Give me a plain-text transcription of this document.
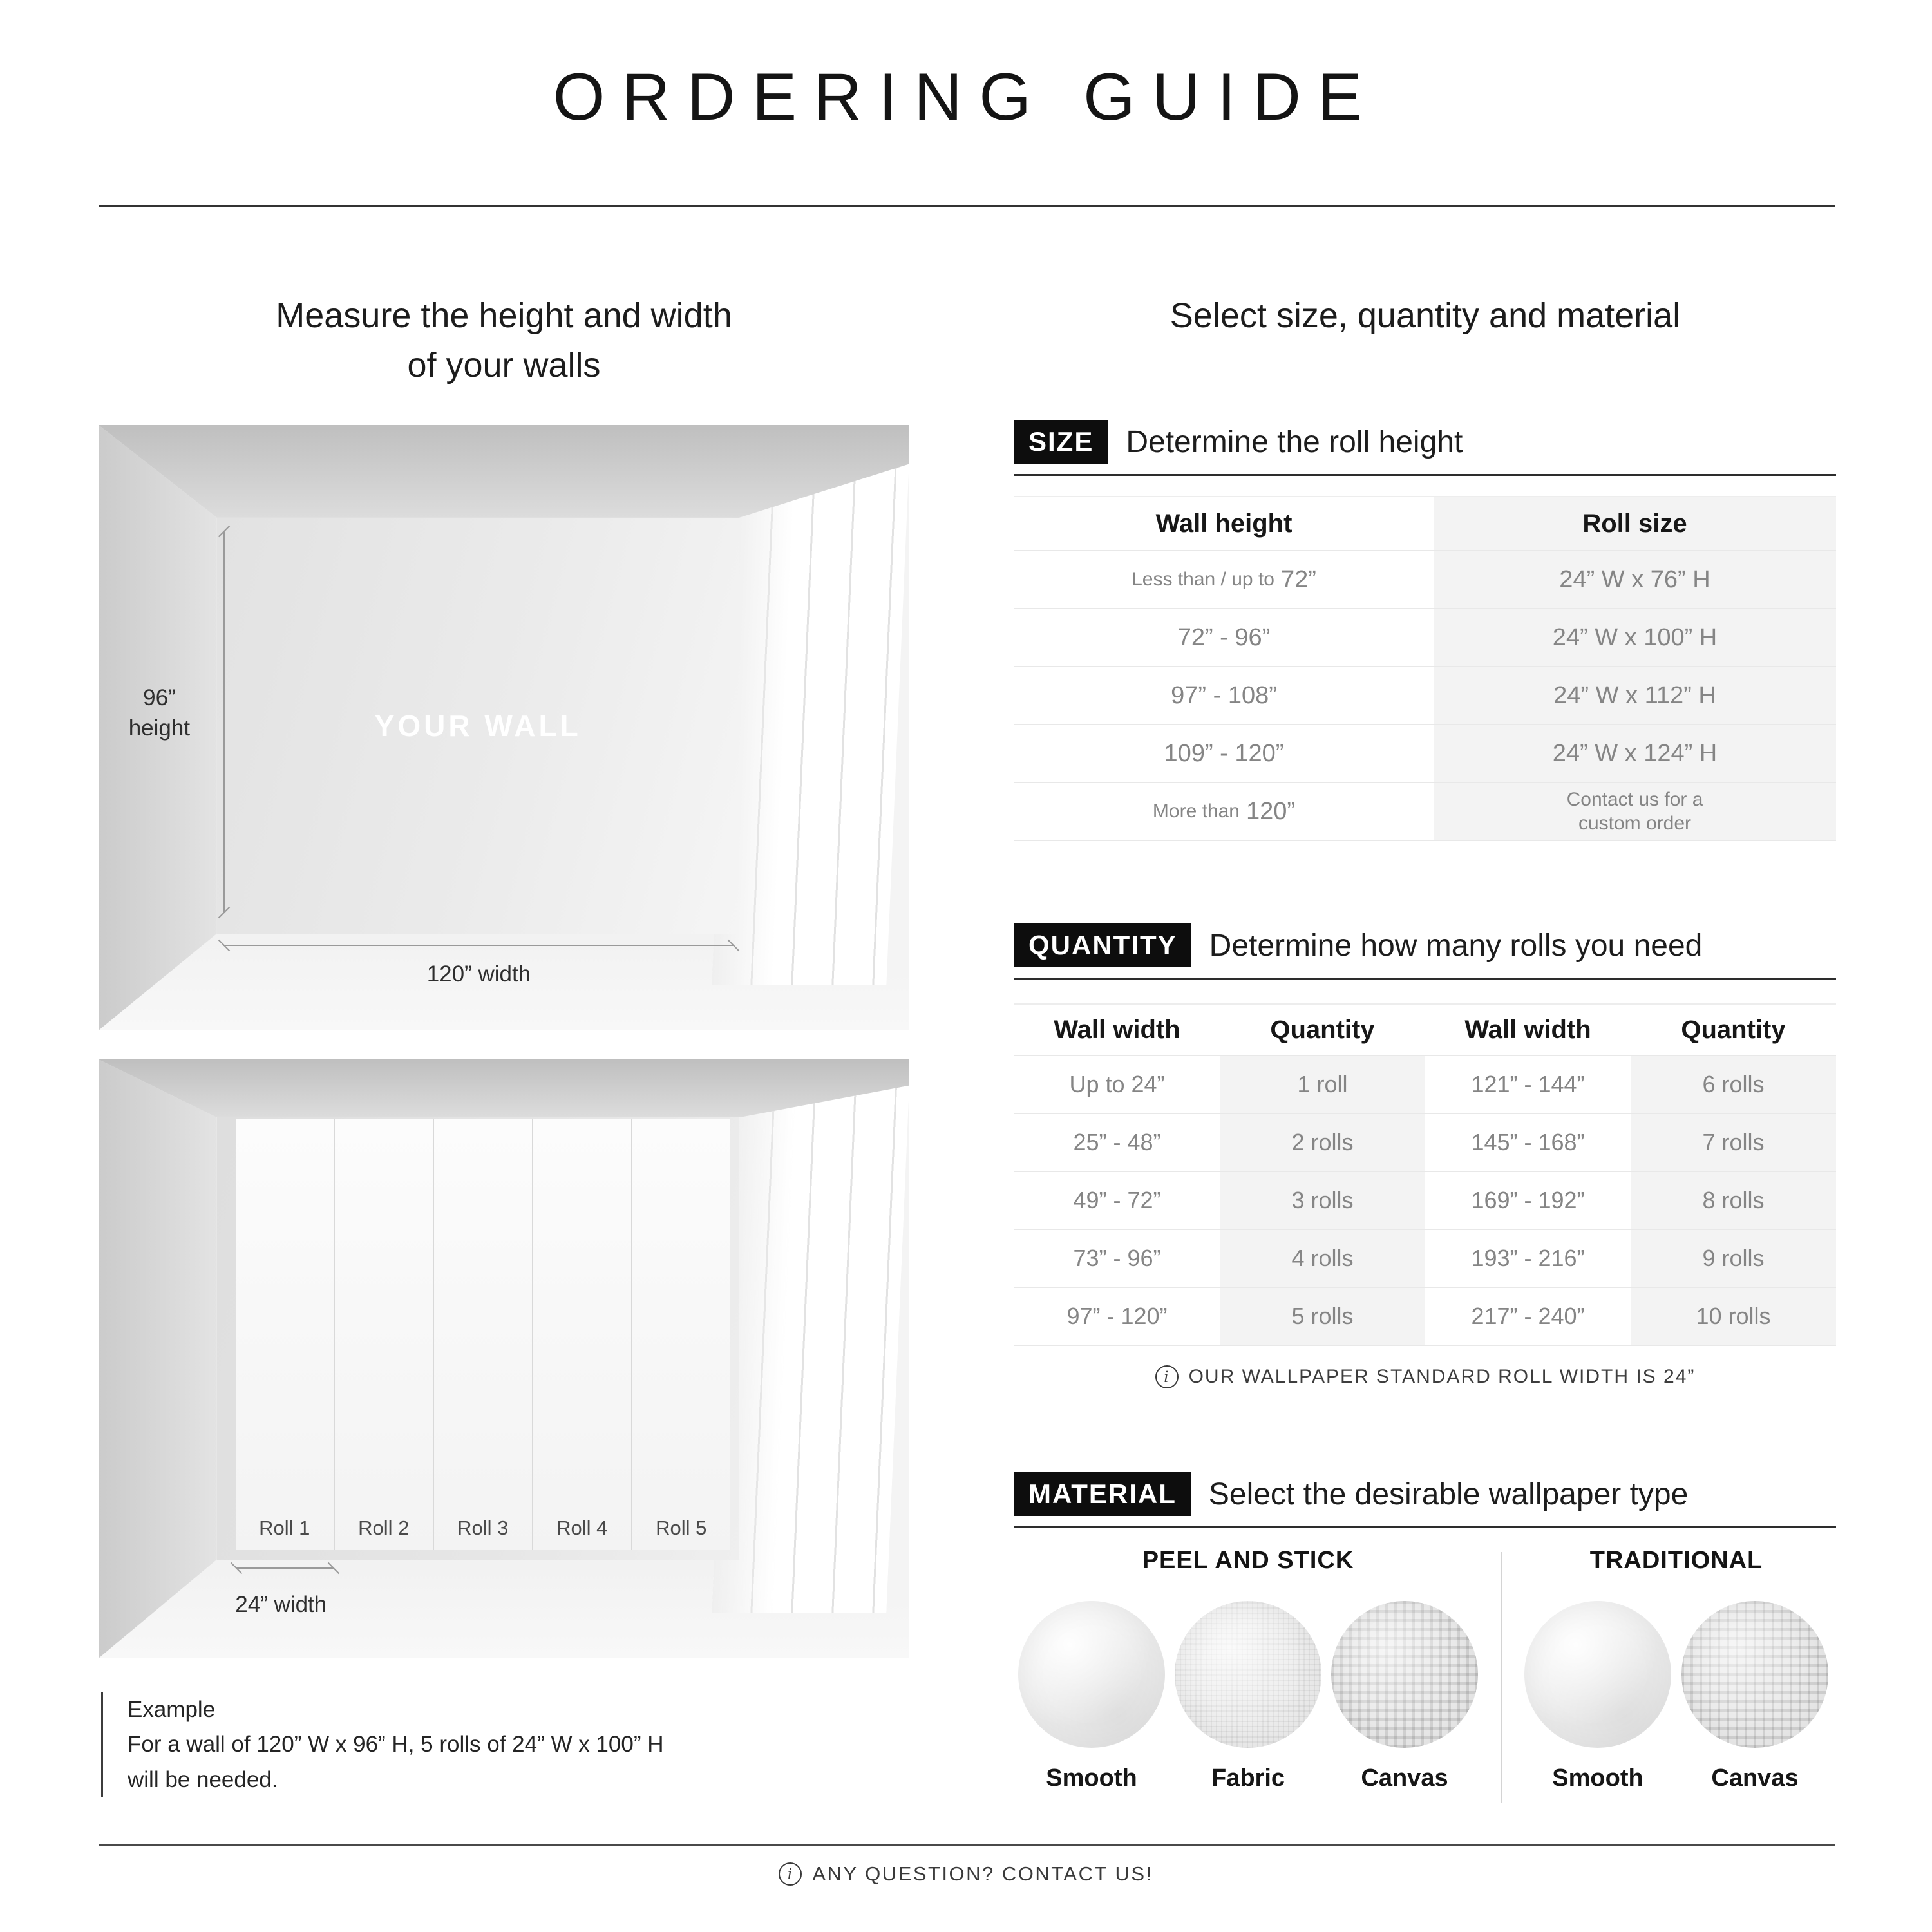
ORDERING GUIDE
Measure the height and width
of your walls
Select size, quantity and material
YOUR WALL
96”
height
120” width
Roll 1	Roll 2	Roll 3	Roll 4	Roll 5
24” width
Example
For a wall of 120” W x 96” H, 5 rolls of 24” W x 100” H
will be needed.
SIZE	Determine the roll height
Wall height	Roll size
Less than / up to 72”	24” W x 76” H
72” - 96”	24” W x 100” H
97” - 108”	24” W x 112” H
109” - 120”	24” W x 124” H
More than 120”	Contact us for a
custom order
QUANTITY	Determine how many rolls you need
Wall width	Quantity	Wall width	Quantity
Up to 24”	1 roll	121” - 144”	6 rolls
25” - 48”	2 rolls	145” - 168”	7 rolls
49” - 72”	3 rolls	169” - 192”	8 rolls
73” - 96”	4 rolls	193” - 216”	9 rolls
97” - 120”	5 rolls	217” - 240”	10 rolls
i
OUR WALLPAPER STANDARD ROLL WIDTH IS 24”
MATERIAL	Select the desirable wallpaper type
PEEL AND STICK	TRADITIONAL
Smooth	Fabric	Canvas	Smooth	Canvas
i
ANY QUESTION? CONTACT US!
